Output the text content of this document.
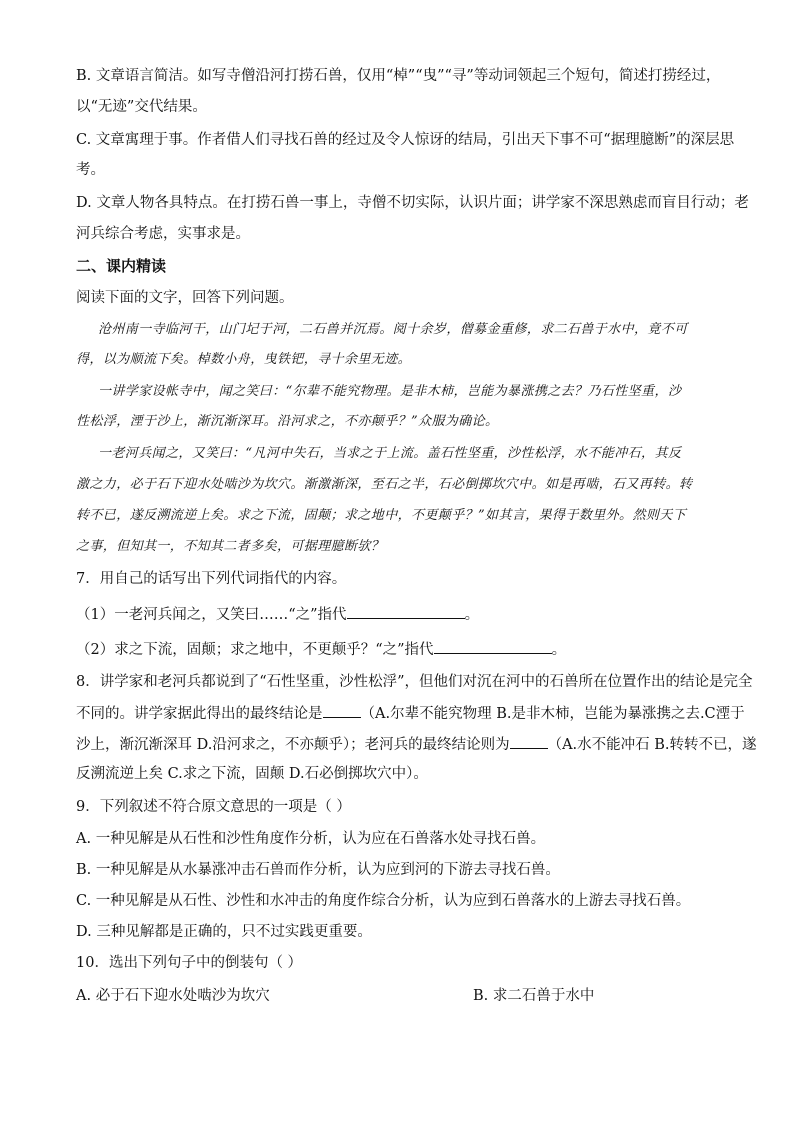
B. 文章语言简洁。如写寺僧沿河打捞石兽，仅用“棹”“曳”“寻”等动词领起三个短句，简述打捞经过，
以“无迹”交代结果。
C. 文章寓理于事。作者借人们寻找石兽的经过及令人惊讶的结局，引出天下事不可“据理臆断”的深层思
考。
D. 文章人物各具特点。在打捞石兽一事上，寺僧不切实际，认识片面；讲学家不深思熟虑而盲目行动；老
河兵综合考虑，实事求是。
二、课内精读
阅读下面的文字，回答下列问题。
沧州南一寺临河干，山门圮于河，二石兽并沉焉。阅十余岁，僧募金重修，求二石兽于水中，竟不可
得，以为顺流下矣。棹数小舟，曳铁钯，寻十余里无迹。
一讲学家设帐寺中，闻之笑曰：“尔辈不能究物理。是非木柿，岂能为暴涨携之去？乃石性坚重，沙
性松浮，湮于沙上，渐沉渐深耳。沿河求之，不亦颠乎？”众服为确论。
一老河兵闻之，又笑曰：“凡河中失石，当求之于上流。盖石性坚重，沙性松浮，水不能冲石，其反
激之力，必于石下迎水处啮沙为坎穴。渐激渐深，至石之半，石必倒掷坎穴中。如是再啮，石又再转。转
转不已，遂反溯流逆上矣。求之下流，固颠；求之地中，不更颠乎？”如其言，果得于数里外。然则天下
之事，但知其一，不知其二者多矣，可据理臆断欤？
7．用自己的话写出下列代词指代的内容。
（1）一老河兵闻之，又笑曰……“之”指代	。
（2）求之下流，固颠；求之地中，不更颠乎？“之”指代	。
8．讲学家和老河兵都说到了“石性坚重，沙性松浮”，但他们对沉在河中的石兽所在位置作出的结论是完全
不同的。讲学家据此得出的最终结论是	（A.尔辈不能究物理 B.是非木柿，岂能为暴涨携之去.C湮于
沙上，渐沉渐深耳 D.沿河求之，不亦颠乎）；老河兵的最终结论则为	（A.水不能冲石 B.转转不已，遂
反溯流逆上矣 C.求之下流，固颠 D.石必倒掷坎穴中）。
9．下列叙述不符合原文意思的一项是（ ）
A. 一种见解是从石性和沙性角度作分析，认为应在石兽落水处寻找石兽。
B. 一种见解是从水暴涨冲击石兽而作分析，认为应到河的下游去寻找石兽。
C. 一种见解是从石性、沙性和水冲击的角度作综合分析，认为应到石兽落水的上游去寻找石兽。
D. 三种见解都是正确的，只不过实践更重要。
10．选出下列句子中的倒装句（ ）
A. 必于石下迎水处啮沙为坎穴	B. 求二石兽于水中
